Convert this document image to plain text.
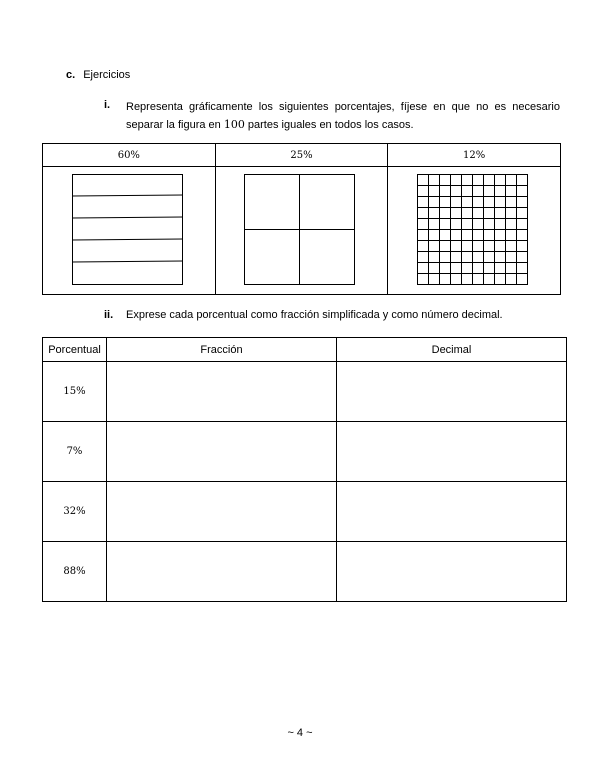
c. Ejercicios
i. Representa gráficamente los siguientes porcentajes, fíjese en que no es necesario separar la figura en 100 partes iguales en todos los casos.
60%	25%	12%

ii. Exprese cada porcentual como fracción simplificada y como número decimal.
Porcentual	Fracción	Decimal
15%		
7%		
32%		
88%		
~ 4 ~
